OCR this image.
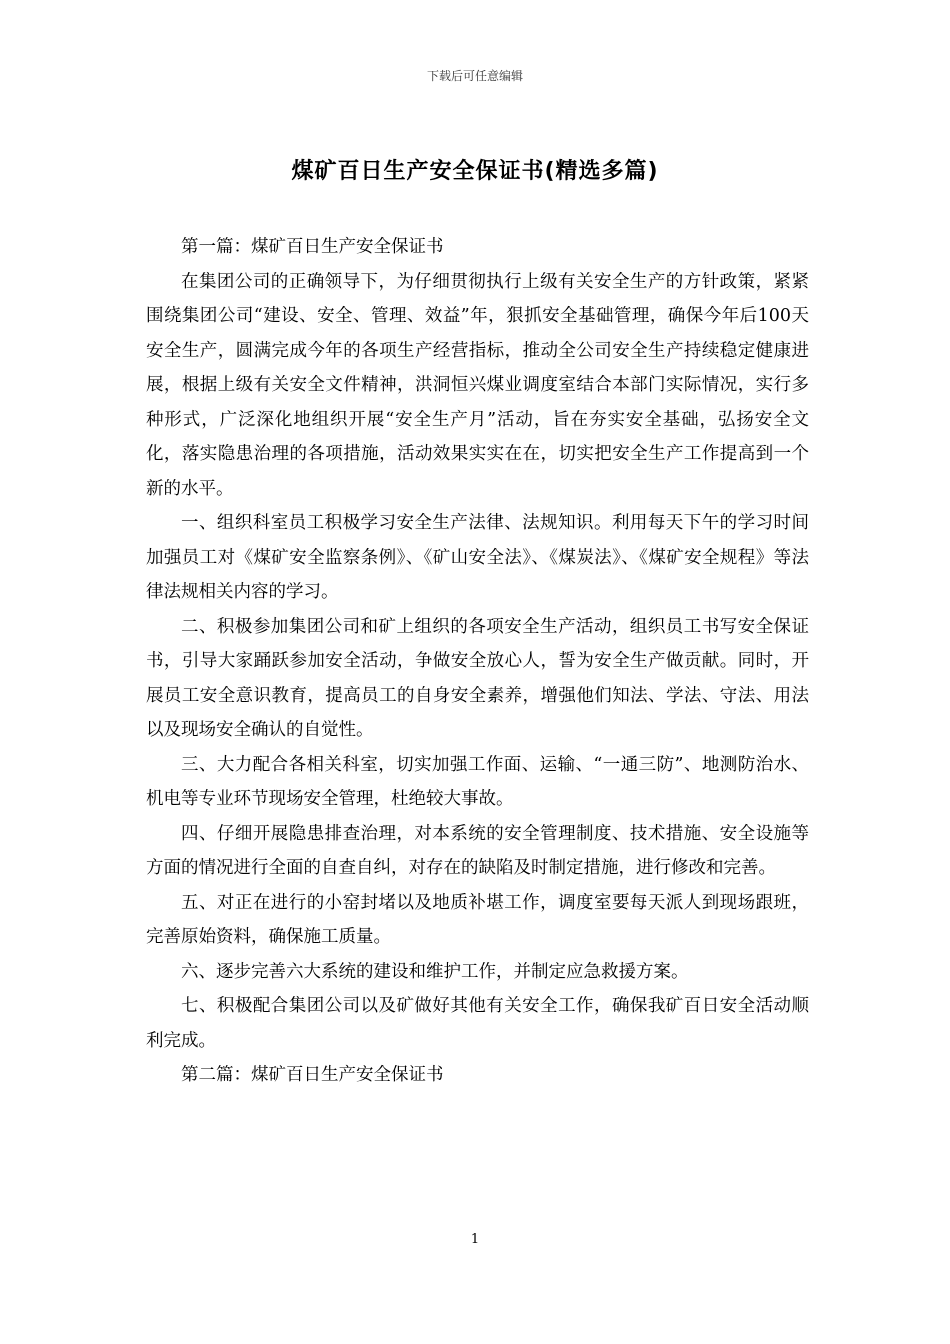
下载后可任意编辑
煤矿百日生产安全保证书(精选多篇)

第一篇：煤矿百日生产安全保证书

在集团公司的正确领导下，为仔细贯彻执行上级有关安全生产的方针政策，紧紧围绕集团公司“建设、安全、管理、效益”年，狠抓安全基础管理，确保今年后100天安全生产，圆满完成今年的各项生产经营指标，推动全公司安全生产持续稳定健康进展，根据上级有关安全文件精神，洪洞恒兴煤业调度室结合本部门实际情况，实行多种形式，广泛深化地组织开展“安全生产月”活动，旨在夯实安全基础，弘扬安全文化，落实隐患治理的各项措施，活动效果实实在在，切实把安全生产工作提高到一个新的水平。

一、组织科室员工积极学习安全生产法律、法规知识。利用每天下午的学习时间加强员工对《煤矿安全监察条例》、《矿山安全法》、《煤炭法》、《煤矿安全规程》等法律法规相关内容的学习。

二、积极参加集团公司和矿上组织的各项安全生产活动，组织员工书写安全保证书，引导大家踊跃参加安全活动，争做安全放心人，誓为安全生产做贡献。同时，开展员工安全意识教育，提高员工的自身安全素养，增强他们知法、学法、守法、用法以及现场安全确认的自觉性。

三、大力配合各相关科室，切实加强工作面、运输、“一通三防”、地测防治水、机电等专业环节现场安全管理，杜绝较大事故。

四、仔细开展隐患排查治理，对本系统的安全管理制度、技术措施、安全设施等方面的情况进行全面的自查自纠，对存在的缺陷及时制定措施，进行修改和完善。

五、对正在进行的小窑封堵以及地质补堪工作，调度室要每天派人到现场跟班，完善原始资料，确保施工质量。

六、逐步完善六大系统的建设和维护工作，并制定应急救援方案。

七、积极配合集团公司以及矿做好其他有关安全工作，确保我矿百日安全活动顺利完成。

第二篇：煤矿百日生产安全保证书

1
